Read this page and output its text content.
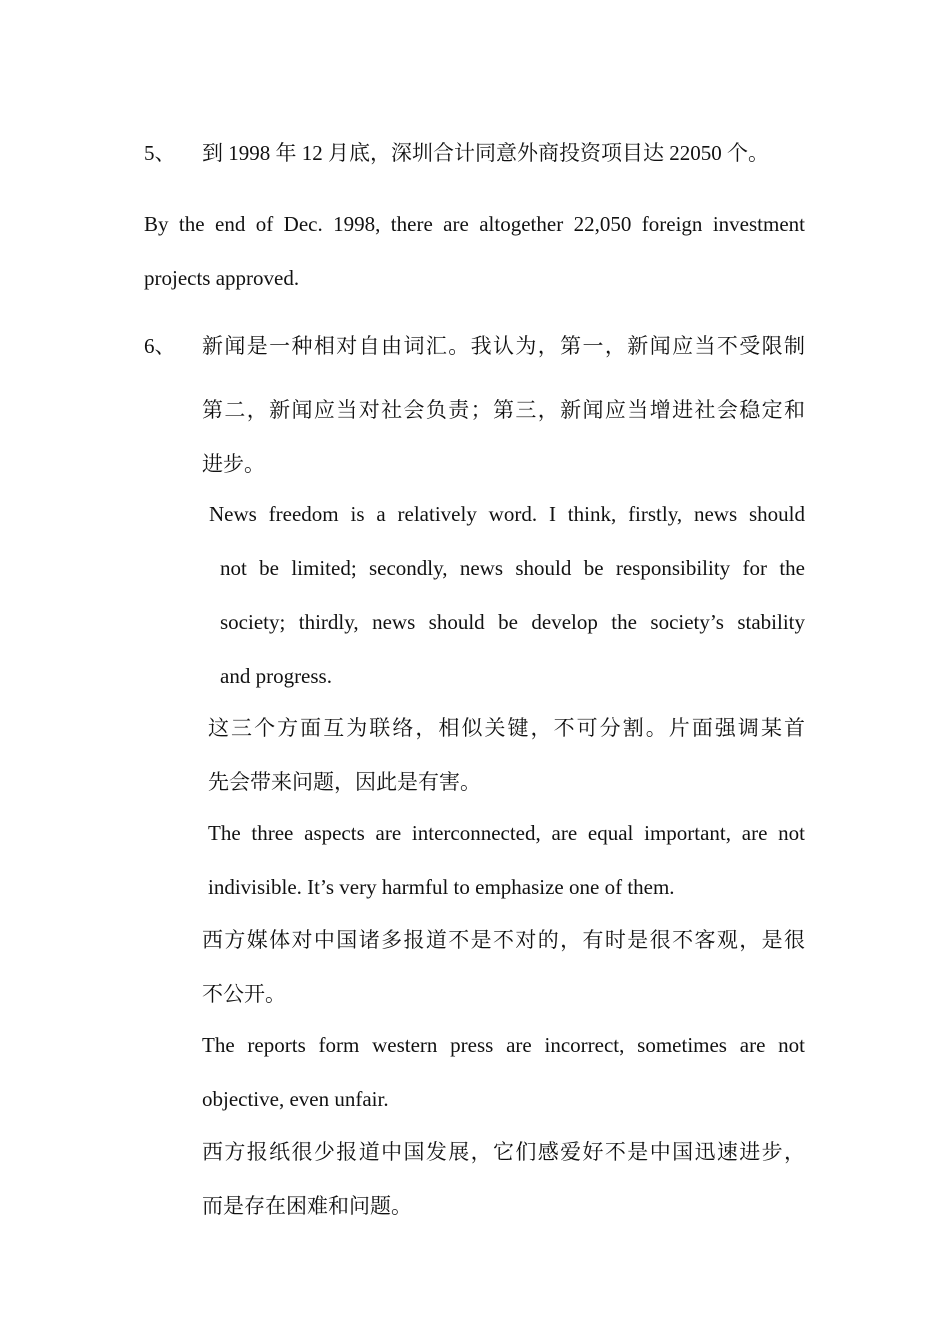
5、 到 1998 年 12 月底，深圳合计同意外商投资项目达 22050 个。
By the end of Dec. 1998, there are altogether 22,050 foreign investment
projects approved.
6、 新闻是一种相对自由词汇。我认为，第一，新闻应当不受限制
第二，新闻应当对社会负责；第三，新闻应当增进社会稳定和
进步。
News freedom is a relatively word. I think, firstly, news should
not be limited; secondly, news should be responsibility for the
society; thirdly, news should be develop the society’s stability
and progress.
这三个方面互为联络，相似关键，不可分割。片面强调某首
先会带来问题，因此是有害。
The three aspects are interconnected, are equal important, are not
indivisible. It’s very harmful to emphasize one of them.
西方媒体对中国诸多报道不是不对的，有时是很不客观，是很
不公开。
The reports form western press are incorrect, sometimes are not
objective, even unfair.
西方报纸很少报道中国发展，它们感爱好不是中国迅速进步，
而是存在困难和问题。
